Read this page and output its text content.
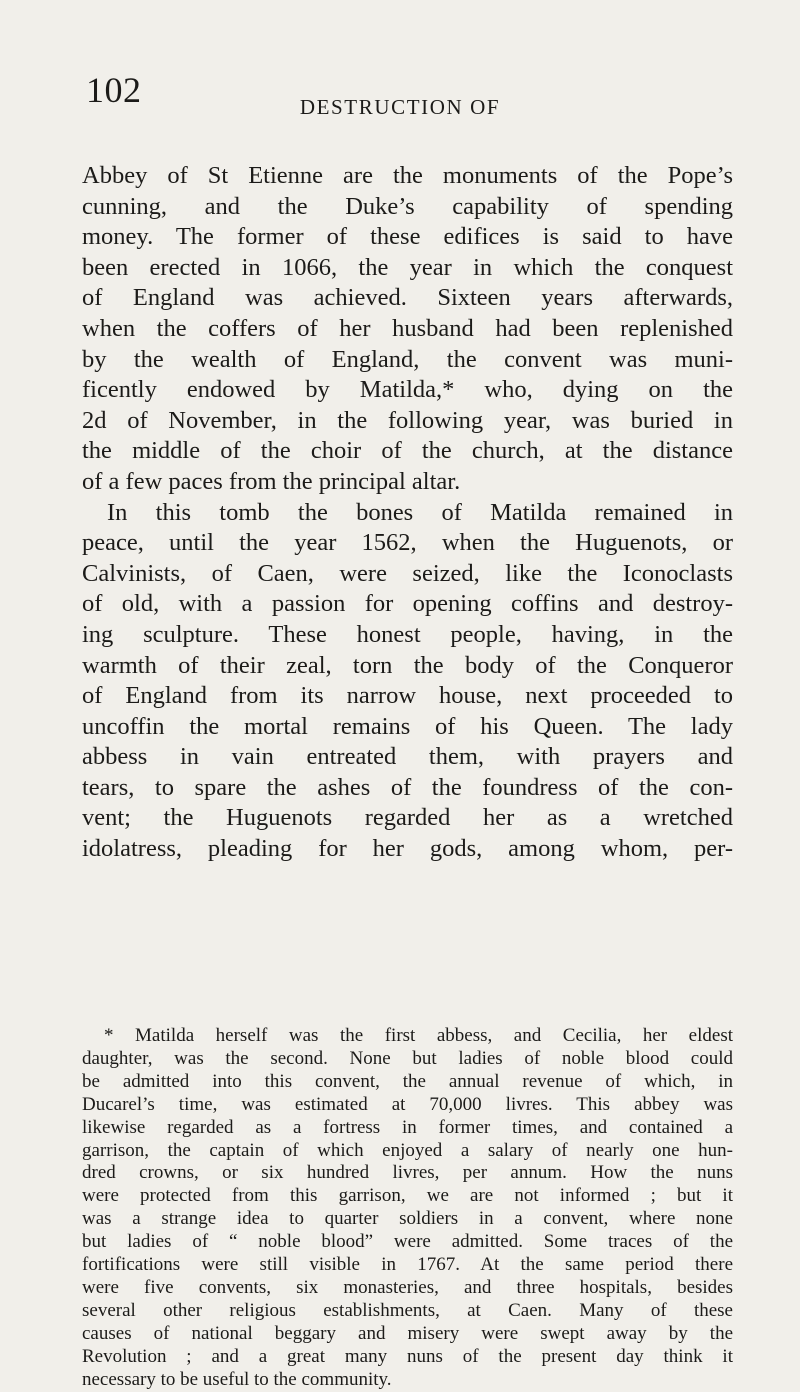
102	DESTRUCTION OF
Abbey of St Etienne are the monuments of the Pope’s
cunning, and the Duke’s capability of spending
money. The former of these edifices is said to have
been erected in 1066, the year in which the conquest
of England was achieved. Sixteen years afterwards,
when the coffers of her husband had been replenished
by the wealth of England, the convent was muni-
ficently endowed by Matilda,* who, dying on the
2d of November, in the following year, was buried in
the middle of the choir of the church, at the distance
of a few paces from the principal altar.
In this tomb the bones of Matilda remained in
peace, until the year 1562, when the Huguenots, or
Calvinists, of Caen, were seized, like the Iconoclasts
of old, with a passion for opening coffins and destroy-
ing sculpture. These honest people, having, in the
warmth of their zeal, torn the body of the Conqueror
of England from its narrow house, next proceeded to
uncoffin the mortal remains of his Queen. The lady
abbess in vain entreated them, with prayers and
tears, to spare the ashes of the foundress of the con-
vent; the Huguenots regarded her as a wretched
idolatress, pleading for her gods, among whom, per-
* Matilda herself was the first abbess, and Cecilia, her eldest
daughter, was the second. None but ladies of noble blood could
be admitted into this convent, the annual revenue of which, in
Ducarel’s time, was estimated at 70,000 livres. This abbey was
likewise regarded as a fortress in former times, and contained a
garrison, the captain of which enjoyed a salary of nearly one hun-
dred crowns, or six hundred livres, per annum. How the nuns
were protected from this garrison, we are not informed ; but it
was a strange idea to quarter soldiers in a convent, where none
but ladies of “ noble blood” were admitted. Some traces of the
fortifications were still visible in 1767. At the same period there
were five convents, six monasteries, and three hospitals, besides
several other religious establishments, at Caen. Many of these
causes of national beggary and misery were swept away by the
Revolution ; and a great many nuns of the present day think it
necessary to be useful to the community.
